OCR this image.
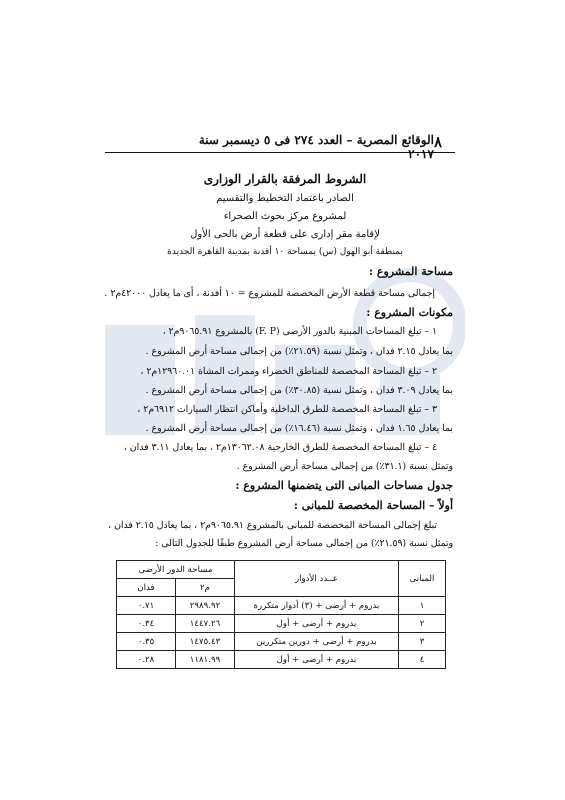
٨
الوقائع المصرية – العدد ٢٧٤ فى ٥ ديسمبر سنة ٢٠١٧
الشروط المرفقة بالقرار الوزارى
الصادر باعتماد التخطيط والتقسيم
لمشروع مركز بحوث الصحراء
لإقامة مقر إدارى على قطعة أرض بالحى الأول
بمنطقة أبو الهول (س) بمساحة ١٠ أفدنة بمدينة القاهرة الجديدة
مساحة المشروع :
إجمالى مساحة قطعة الأرض المخصصة للمشروع = ١٠ أفدنة ، أى ما يعادل ٤٢٠٠٠م٢ .
مكونات المشروع :
١ – تبلغ المساحات المبنية بالدور الأرضى (F. P) بالمشروع ٩٠٦٥.٩١م٢ ،
بما يعادل ٢.١٥ فدان ، وتمثل نسبة (٢١.٥٩٪) من إجمالى مساحة أرض المشروع .
٢ – تبلغ المساحة المخصصة للمناطق الخضراء وممرات المشاة ١٢٩٦٠.٠١م٢ ،
بما يعادل ٣.٠٩ فدان ، وتمثل نسبة (٣٠.٨٥٪) من إجمالى مساحة أرض المشروع .
٣ – تبلغ المساحة المخصصة للطرق الداخلية وأماكن انتظار السيارات ٦٩١٢م٢ ،
بما يعادل ١.٦٥ فدان ، وتمثل نسبة (١٦.٤٦٪) من إجمالى مساحة أرض المشروع .
٤ – تبلغ المساحة المخصصة للطرق الخارجية ١٣٠٦٢.٠٨م٢ ، بما يعادل ٣.١١ فدان ،
وتمثل نسبة (٣١.١٪) من إجمالى مساحة أرض المشروع .
جدول مساحات المبانى التى يتضمنها المشروع :
أولاً – المساحة المخصصة للمبانى :
تبلغ إجمالى المساحة المخصصة للمبانى بالمشروع ٩٠٦٥.٩١م٢ ، بما يعادل ٢.١٥ فدان ،
وتمثل نسبة (٢١.٥٩٪) من إجمالى مساحة أرض المشروع طبقًا للجدول التالى :
المبانى	عــدد الأدوار	مساحة الدور الأرضى	
		م٢	فدان
١	بدروم + أرضى + (٣) أدوار متكررة	٢٩٨٩.٩٢	٠.٧١
٢	بدروم + أرضى + أول	١٤٤٧.٢٦	٠.٣٤
٣	بدروم + أرضى + دورين متكررين	١٤٧٥.٤٣	٠.٣٥
٤	بدروم + أرضى + أول	١١٨١.٩٩	٠.٢٨
